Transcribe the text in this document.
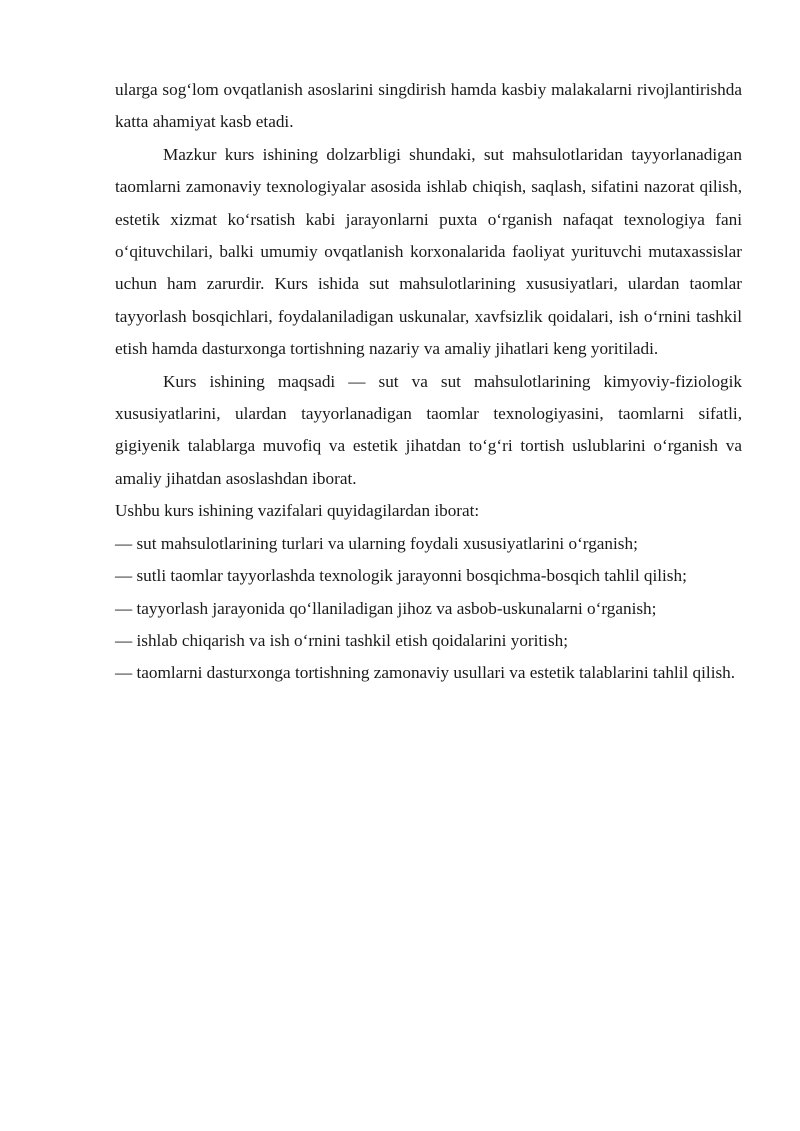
ularga sog‘lom ovqatlanish asoslarini singdirish hamda kasbiy malakalarni rivojlantirishda katta ahamiyat kasb etadi.

Mazkur kurs ishining dolzarbligi shundaki, sut mahsulotlaridan tayyorlanadigan taomlarni zamonaviy texnologiyalar asosida ishlab chiqish, saqlash, sifatini nazorat qilish, estetik xizmat ko‘rsatish kabi jarayonlarni puxta o‘rganish nafaqat texnologiya fani o‘qituvchilari, balki umumiy ovqatlanish korxonalarida faoliyat yurituvchi mutaxassislar uchun ham zarurdir. Kurs ishida sut mahsulotlarining xususiyatlari, ulardan taomlar tayyorlash bosqichlari, foydalaniladigan uskunalar, xavfsizlik qoidalari, ish o‘rnini tashkil etish hamda dasturxonga tortishning nazariy va amaliy jihatlari keng yoritiladi.

Kurs ishining maqsadi — sut va sut mahsulotlarining kimyoviy-fiziologik xususiyatlarini, ulardan tayyorlanadigan taomlar texnologiyasini, taomlarni sifatli, gigiyenik talablarga muvofiq va estetik jihatdan to‘g‘ri tortish uslublarini o‘rganish va amaliy jihatdan asoslashdan iborat.

Ushbu kurs ishining vazifalari quyidagilardan iborat:

— sut mahsulotlarining turlari va ularning foydali xususiyatlarini o‘rganish;

— sutli taomlar tayyorlashda texnologik jarayonni bosqichma-bosqich tahlil qilish;

— tayyorlash jarayonida qo‘llaniladigan jihoz va asbob-uskunalarni o‘rganish;

— ishlab chiqarish va ish o‘rnini tashkil etish qoidalarini yoritish;

— taomlarni dasturxonga tortishning zamonaviy usullari va estetik talablarini tahlil qilish.
